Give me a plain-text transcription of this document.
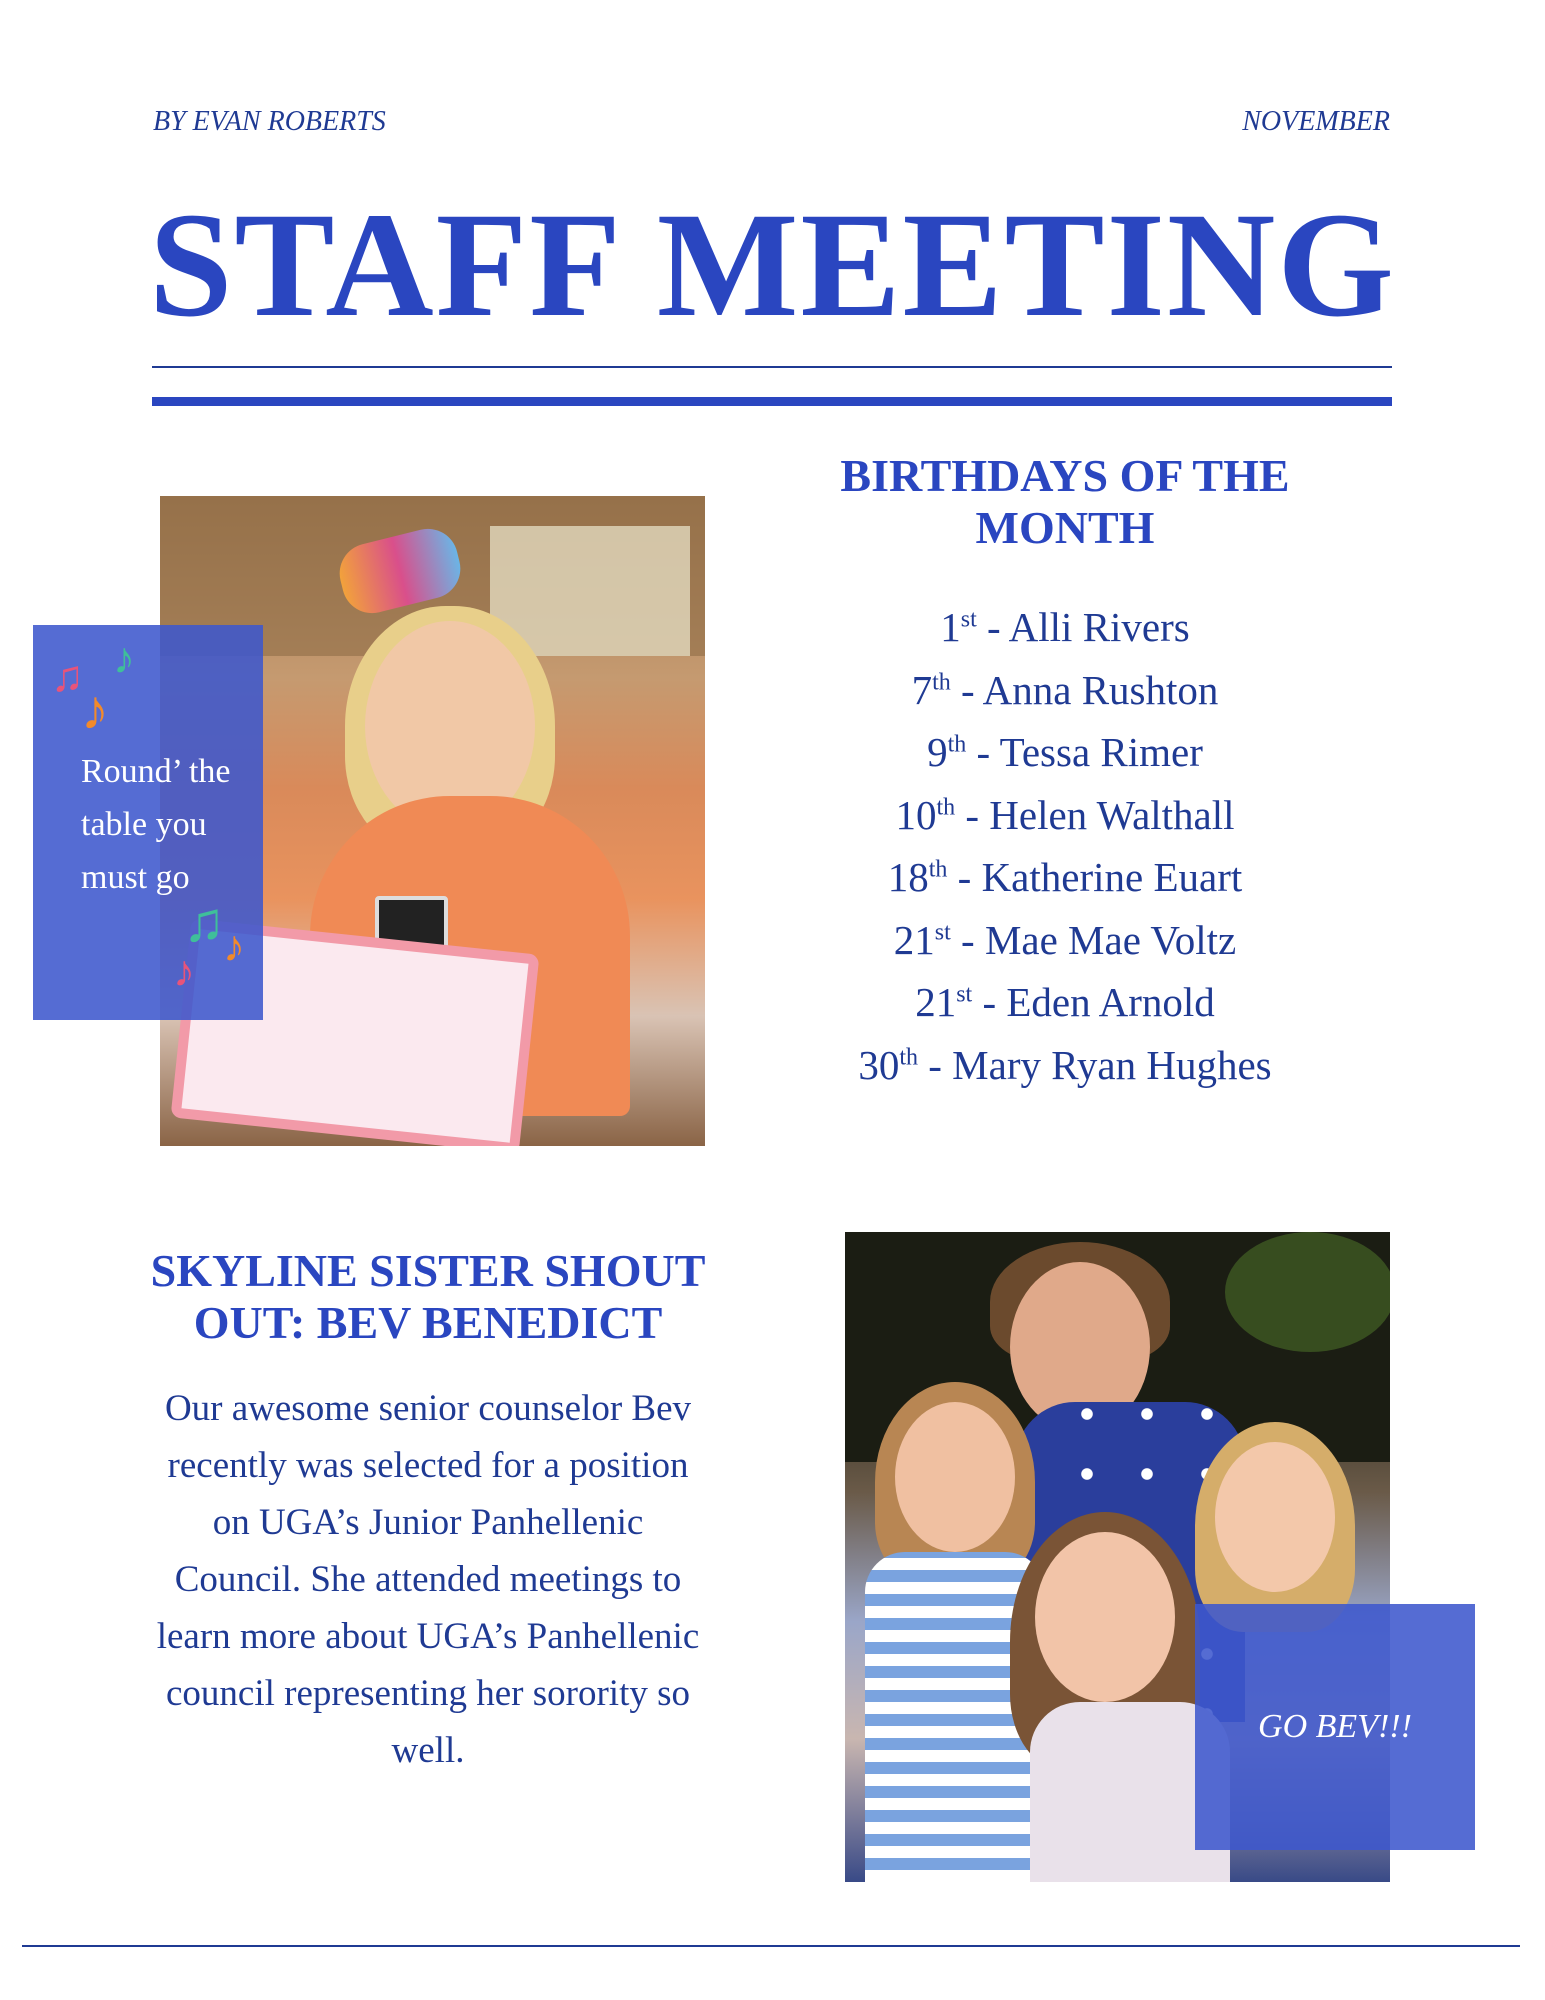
BY EVAN ROBERTS	NOVEMBER
STAFF MEETING
♫
♪
♪
Round’ the
table you
must go
♫
♪
♪
BIRTHDAYS OF THE
MONTH
1st - Alli Rivers
7th - Anna Rushton
9th - Tessa Rimer
10th - Helen Walthall
18th - Katherine Euart
21st - Mae Mae Voltz
21st - Eden Arnold
30th - Mary Ryan Hughes
SKYLINE SISTER SHOUT
OUT: BEV BENEDICT

Our awesome senior counselor Bev
recently was selected for a position
on UGA’s Junior Panhellenic
Council. She attended meetings to
learn more about UGA’s Panhellenic
council representing her sorority so
well.

GO BEV!!!
